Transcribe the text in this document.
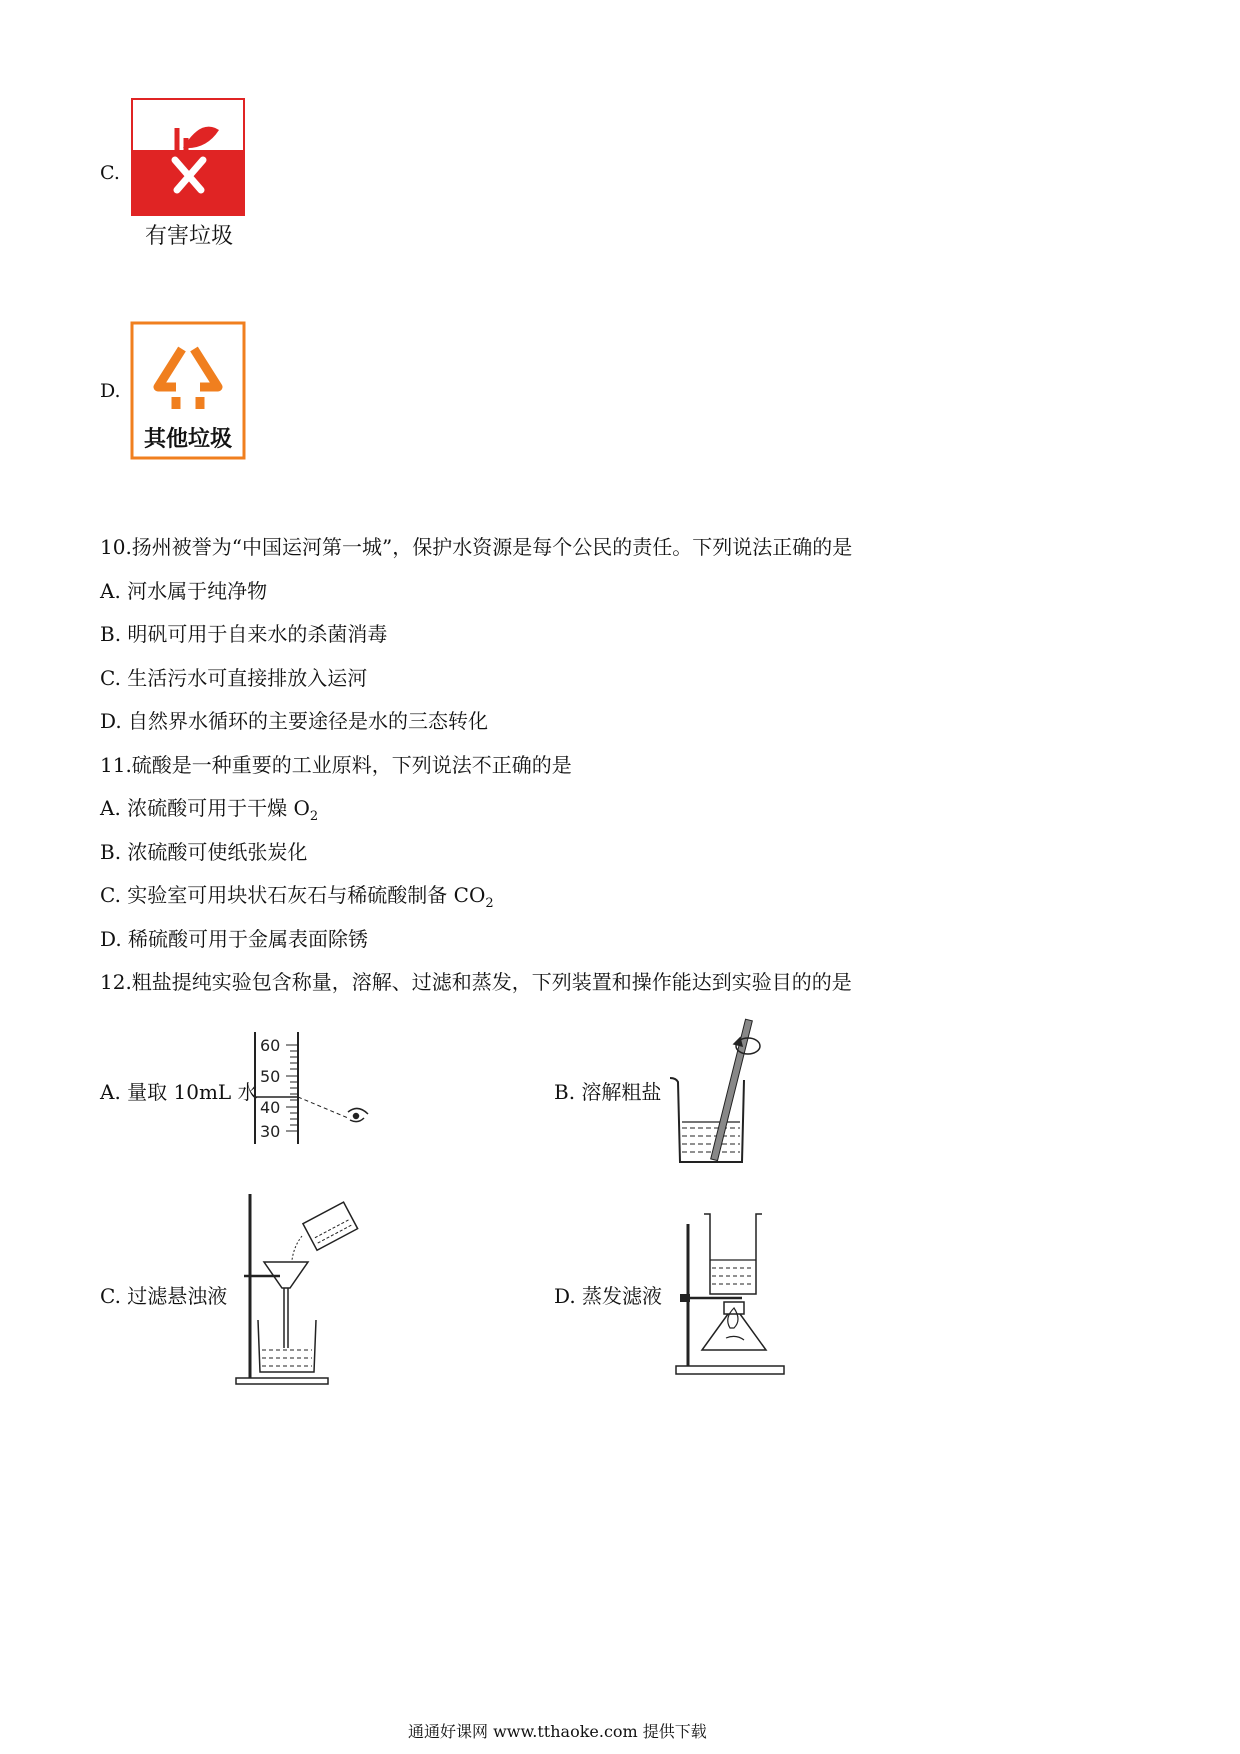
C.
有害垃圾
D.
其他垃圾
10.扬州被誉为“中国运河第一城”，保护水资源是每个公民的责任。下列说法正确的是
A. 河水属于纯净物
B. 明矾可用于自来水的杀菌消毒
C. 生活污水可直接排放入运河
D. 自然界水循环的主要途径是水的三态转化
11.硫酸是一种重要的工业原料，下列说法不正确的是
A. 浓硫酸可用于干燥 $O_2$
B. 浓硫酸可使纸张炭化
C. 实验室可用块状石灰石与稀硫酸制备 $CO_2$
D. 稀硫酸可用于金属表面除锈
12.粗盐提纯实验包含称量，溶解、过滤和蒸发，下列装置和操作能达到实验目的的是
A. 量取 10mL 水
60
50
40
30
B. 溶解粗盐
C. 过滤悬浊液	D. 蒸发滤液
通通好课网 www.tthaoke.com 提供下载
